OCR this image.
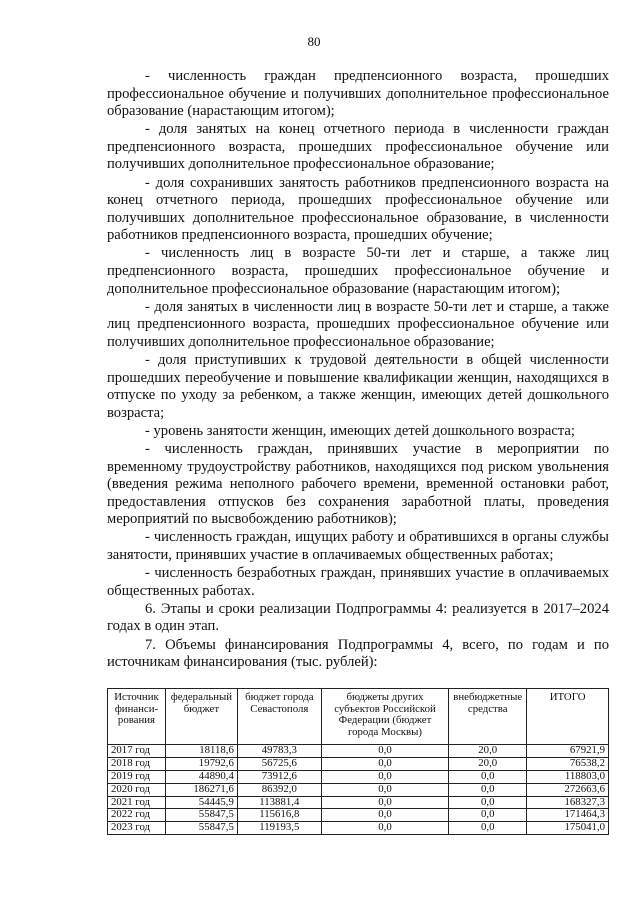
80

- численность граждан предпенсионного возраста, прошедших профессиональное обучение и получивших дополнительное профессиональное образование (нарастающим итогом);

- доля занятых на конец отчетного периода в численности граждан предпенсионного возраста, прошедших профессиональное обучение или получивших дополнительное профессиональное образование;

- доля сохранивших занятость работников предпенсионного возраста на конец отчетного периода, прошедших профессиональное обучение или получивших дополнительное профессиональное образование, в численности работников предпенсионного возраста, прошедших обучение;

- численность лиц в возрасте 50-ти лет и старше, а также лиц предпенсионного возраста, прошедших профессиональное обучение и дополнительное профессиональное образование (нарастающим итогом);

- доля занятых в численности лиц в возрасте 50-ти лет и старше, а также лиц предпенсионного возраста, прошедших профессиональное обучение или получивших дополнительное профессиональное образование;

- доля приступивших к трудовой деятельности в общей численности прошедших переобучение и повышение квалификации женщин, находящихся в отпуске по уходу за ребенком, а также женщин, имеющих детей дошкольного возраста;

- уровень занятости женщин, имеющих детей дошкольного возраста;

- численность граждан, принявших участие в мероприятии по временному трудоустройству работников, находящихся под риском увольнения (введения режима неполного рабочего времени, временной остановки работ, предоставления отпусков без сохранения заработной платы, проведения мероприятий по высвобождению работников);

- численность граждан, ищущих работу и обратившихся в органы службы занятости, принявших участие в оплачиваемых общественных работах;

- численность безработных граждан, принявших участие в оплачиваемых общественных работах.

6. Этапы и сроки реализации Подпрограммы 4: реализуется в 2017–2024 годах в один этап.

7. Объемы финансирования Подпрограммы 4, всего, по годам и по источникам финансирования (тыс. рублей):

Источник финанси-рования	федеральный бюджет	бюджет города Севастополя	бюджеты других субъектов Российской Федерации (бюджет города Москвы)	внебюджетные средства	ИТОГО
2017 год	18118,6	49783,3	0,0	20,0	67921,9
2018 год	19792,6	56725,6	0,0	20,0	76538,2
2019 год	44890,4	73912,6	0,0	0,0	118803,0
2020 год	186271,6	86392,0	0,0	0,0	272663,6
2021 год	54445,9	113881,4	0,0	0,0	168327,3
2022 год	55847,5	115616,8	0,0	0,0	171464,3
2023 год	55847,5	119193,5	0,0	0,0	175041,0
